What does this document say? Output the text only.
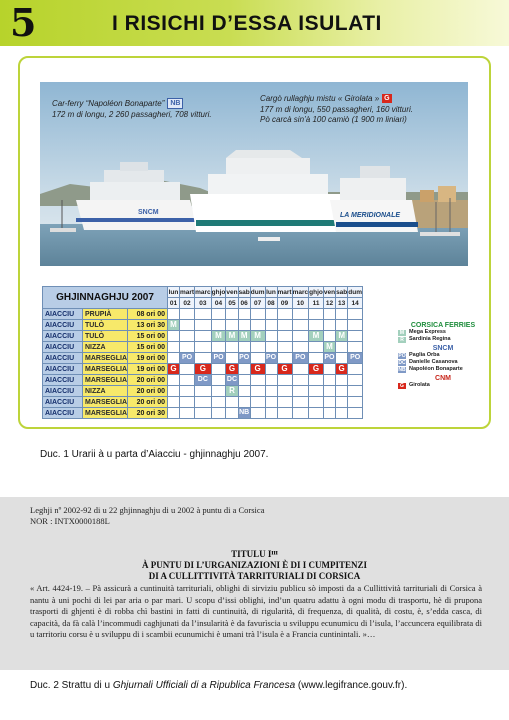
5	I RISICHI D’ESSA ISULATI
SNCM	LA MERIDIONALE
Car-ferry “Napoléon Bonaparte” NB
172 m di longu, 2 260 passagheri, 708 vitturi.
Cargò rullaghju mistu « Girolata » G
177 m di longu, 550 passagheri, 160 vitturi.
Pò carcà sin’à 100 camiò (1 900 m liniari)
GHJINNAGHJU 2007			lun	mart	marc	ghjo	ven	sab	dum	lun	mart	marc	ghjo	ven	sab	dum
			01	02	03	04	05	06	07	08	09	10	11	12	13	14
AIACCIU	PRUPIÀ	08 ori 00														
AIACCIU	TULÒ	13 ori 30	M													
AIACCIU	TULÒ	15 ori 00				M	M	M	M				M		M	
AIACCIU	NIZZA	15 ori 00												M		
AIACCIU	MARSEGLIA	19 ori 00		PO		PO		PO		PO		PO		PO		PO
AIACCIU	MARSEGLIA	19 ori 00	G		G		G		G		G		G		G	
AIACCIU	MARSEGLIA	20 ori 00			DC		DC									
AIACCIU	NIZZA	20 ori 00					R									
AIACCIU	MARSEGLIA	20 ori 00														
AIACCIU	MARSEGLIA	20 ori 30						NB								
CORSICA FERRIES
M Mega Express
R Sardinia Regina
SNCM
PO Paglia Orba
DC Danielle Casanova
NB Napoléon Bonaparte
CNM
G Girolata
Duc. 1 Urarii à u parta d’Aiacciu - ghjinnaghju 2007.
Leghji nº 2002-92 di u 22 ghjinnaghju di u 2002 à puntu di a Corsica
NOR : INTX0000188L
TITULU Iᴵᴵᴵ
À PUNTU DI L’URGANIZAZIONI È DI I CUMPITENZI
DI A CULLITTIVITÀ TARRITURIALI DI CORSICA
« Art. 4424-19. – Pà assicurà a cuntinuità tarrituriali, oblighi di sirviziu publicu sò imposti da a Cullittività tarrituriali di Corsica à nantu à uni pochi di lei par aria o par mari. U scopu d’issi oblighi, ind’un quatru adattu à ogni modu di trasportu, hè di prupona trasporti di ghjenti è di robba chì bastini in fatti di cuntinuità, di rigularità, di frequenza, di qualità, di costu, è, s’edda casca, di capacità, da fà calà l’incommudi caghjunati da l’insularità è da favurìscia u sviluppu ecunumicu di l’isula, l’accuncera equilibrata di u tarritoriu corsu è u sviluppu di i scambii ecunumichi è umani trà l’isula è a Francia cuntinintali. »…
Duc. 2 Strattu di u Ghjurnali Ufficiali di a Ripublica Francesa (www.legifrance.gouv.fr).
